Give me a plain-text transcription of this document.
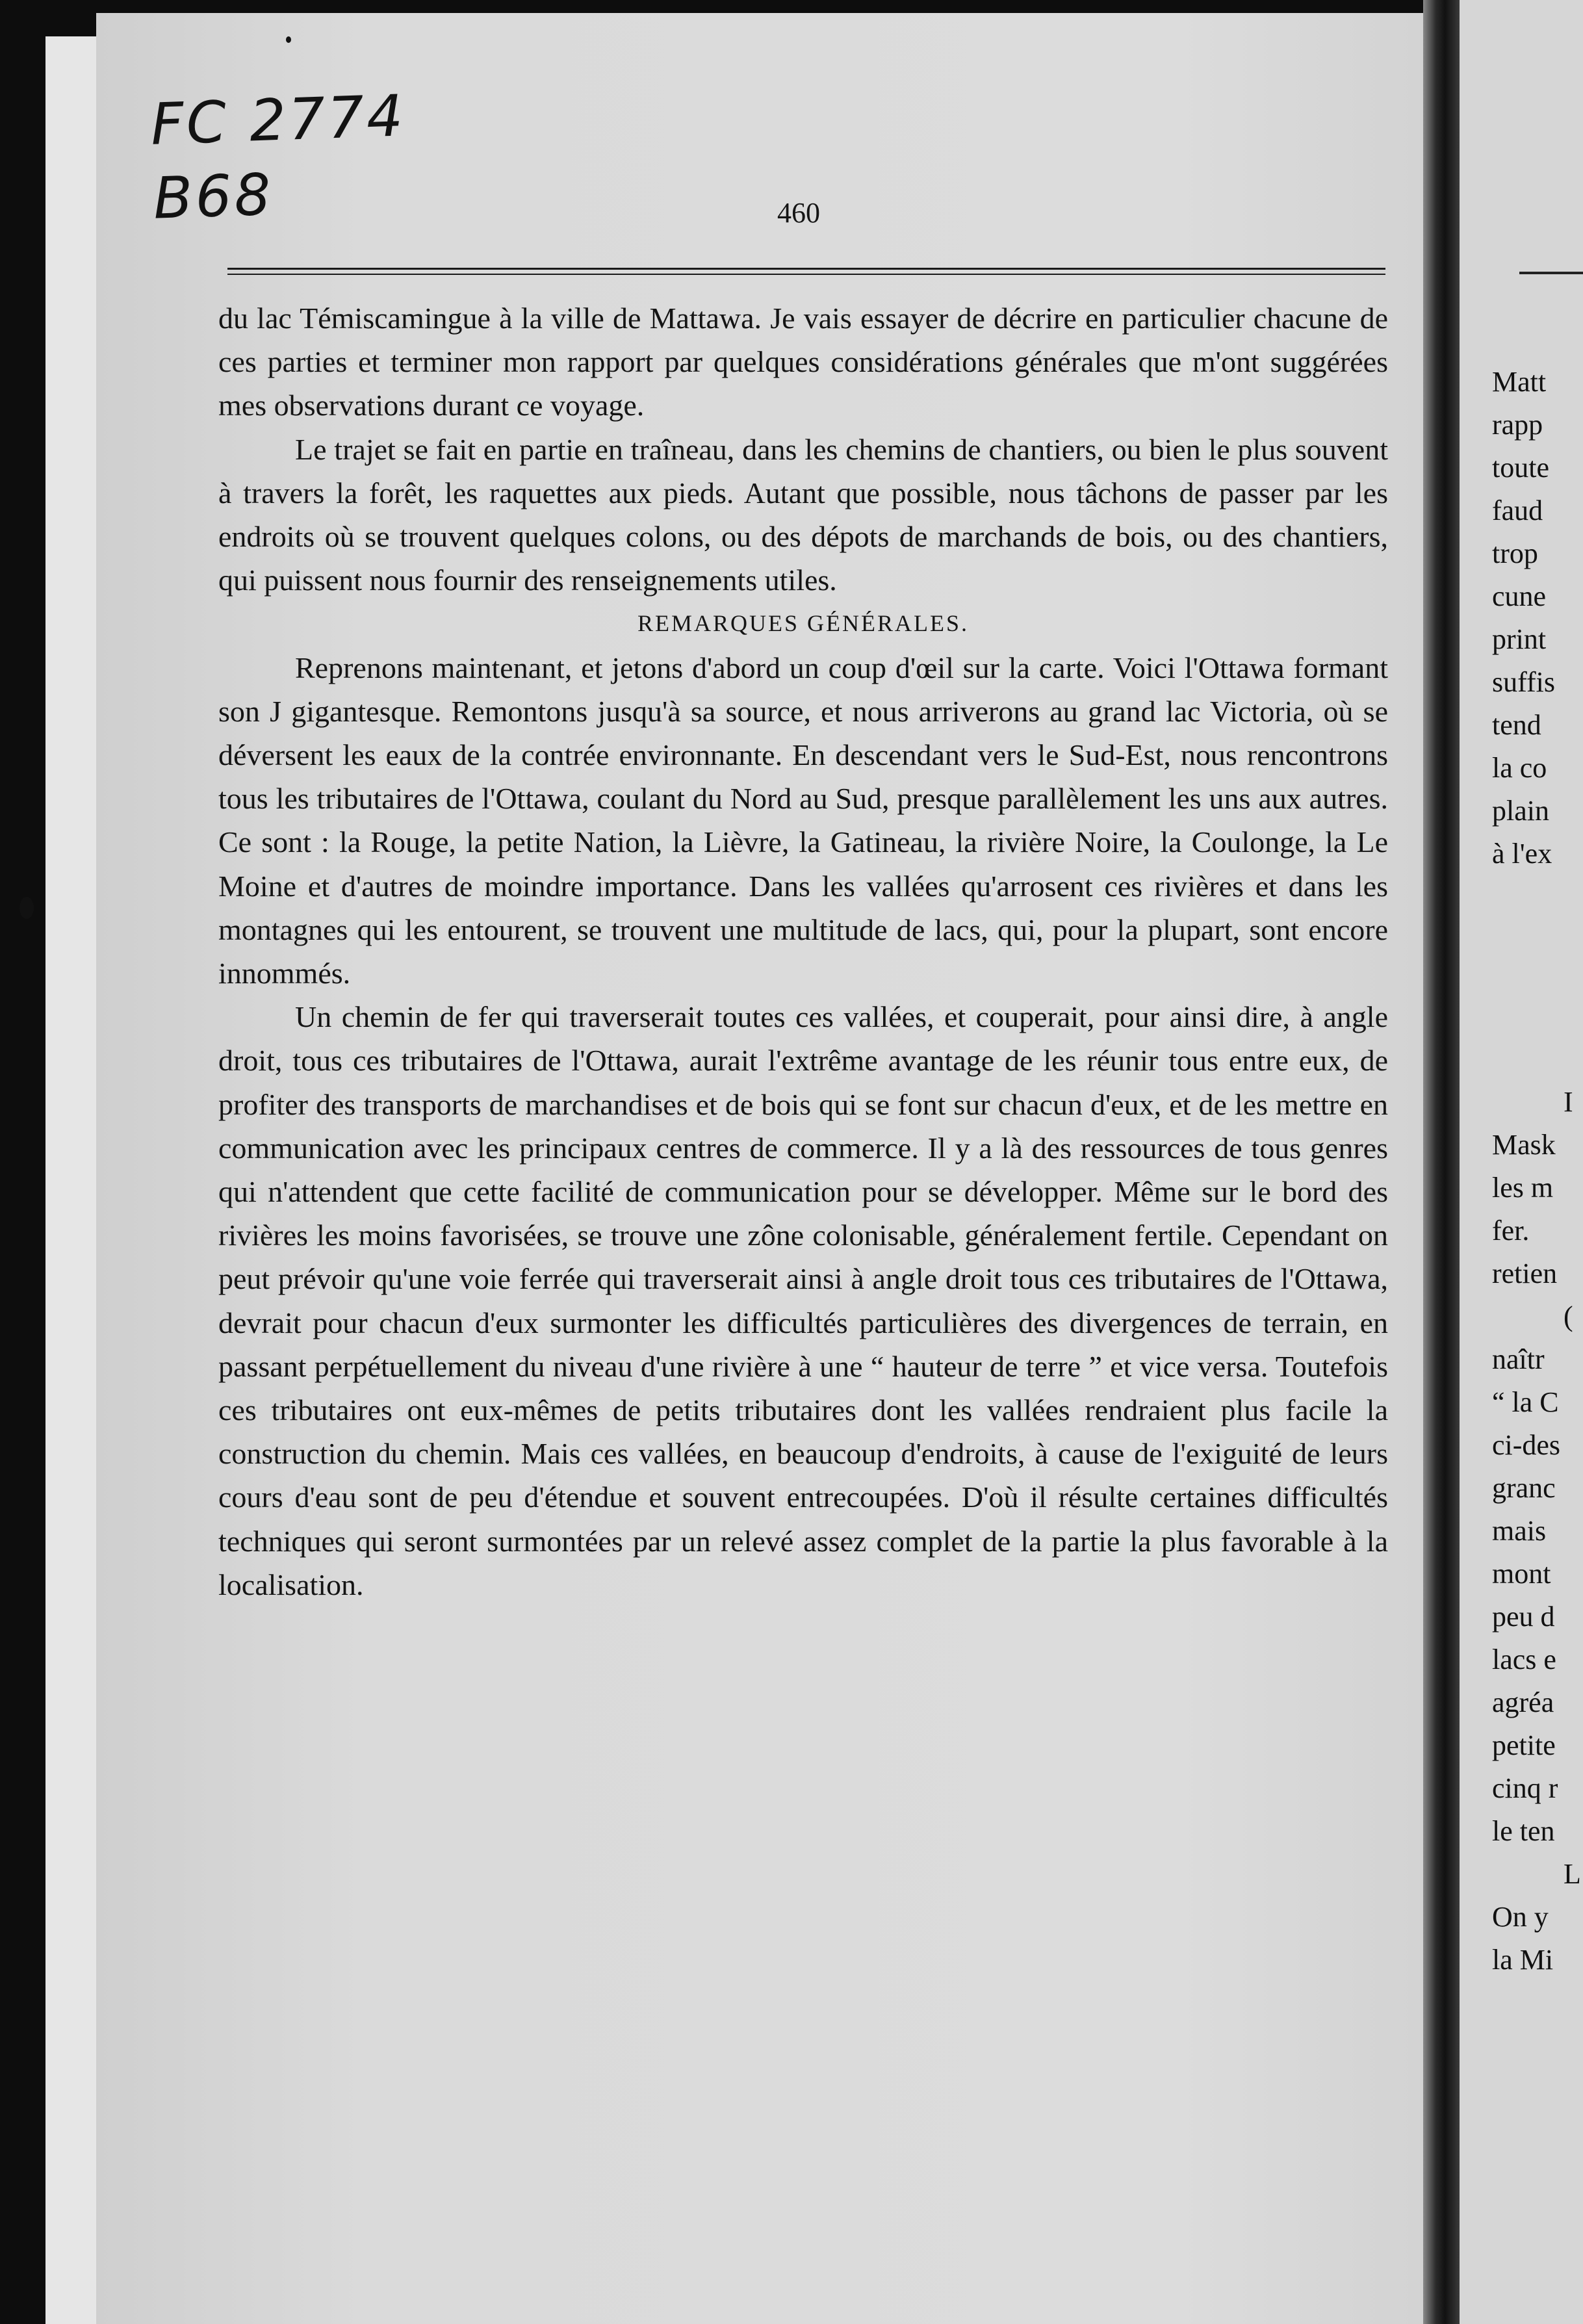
FC 2774
B68	460

du lac Témiscamingue à la ville de Mattawa. Je vais essayer de décrire en particulier chacune de ces parties et terminer mon rapport par quelques considérations générales que m'ont suggérées mes observations durant ce voyage.

Le trajet se fait en partie en traîneau, dans les chemins de chantiers, ou bien le plus souvent à travers la forêt, les raquettes aux pieds. Autant que possible, nous tâchons de passer par les endroits où se trouvent quelques colons, ou des dépots de marchands de bois, ou des chantiers, qui puissent nous fournir des renseignements utiles.

REMARQUES GÉNÉRALES.

Reprenons maintenant, et jetons d'abord un coup d'œil sur la carte. Voici l'Ottawa formant son J gigantesque. Remontons jusqu'à sa source, et nous arriverons au grand lac Victoria, où se déversent les eaux de la contrée environnante. En descendant vers le Sud-Est, nous rencontrons tous les tributaires de l'Ottawa, coulant du Nord au Sud, presque parallèlement les uns aux autres. Ce sont : la Rouge, la petite Nation, la Lièvre, la Gatineau, la rivière Noire, la Coulonge, la Le Moine et d'autres de moindre importance. Dans les vallées qu'arrosent ces rivières et dans les montagnes qui les entourent, se trouvent une multitude de lacs, qui, pour la plupart, sont encore innommés.

Un chemin de fer qui traverserait toutes ces vallées, et couperait, pour ainsi dire, à angle droit, tous ces tributaires de l'Ottawa, aurait l'extrême avantage de les réunir tous entre eux, de profiter des transports de marchandises et de bois qui se font sur chacun d'eux, et de les mettre en communication avec les principaux centres de commerce. Il y a là des ressources de tous genres qui n'attendent que cette facilité de communication pour se développer. Même sur le bord des rivières les moins favorisées, se trouve une zône colonisable, généralement fertile. Cependant on peut prévoir qu'une voie ferrée qui traverserait ainsi à angle droit tous ces tributaires de l'Ottawa, devrait pour chacun d'eux surmonter les difficultés particulières des divergences de terrain, en passant perpétuellement du niveau d'une rivière à une “ hauteur de terre ” et vice versa. Toutefois ces tributaires ont eux-mêmes de petits tributaires dont les vallées rendraient plus facile la construction du chemin. Mais ces vallées, en beaucoup d'endroits, à cause de l'exiguité de leurs cours d'eau sont de peu d'étendue et souvent entrecoupées. D'où il résulte certaines difficultés techniques qui seront surmontées par un relevé assez complet de la partie la plus favorable à la localisation.

Matt
rapp
toute
faud
trop
cune
print
suffis
tend
la co
plain
à l'ex
I
Mask
les m
fer.
retien
(
naîtr
“ la C
ci-des
granc
mais
mont
peu d
lacs e
agréa
petite
cinq r
le ten
L
On y
la Mi
